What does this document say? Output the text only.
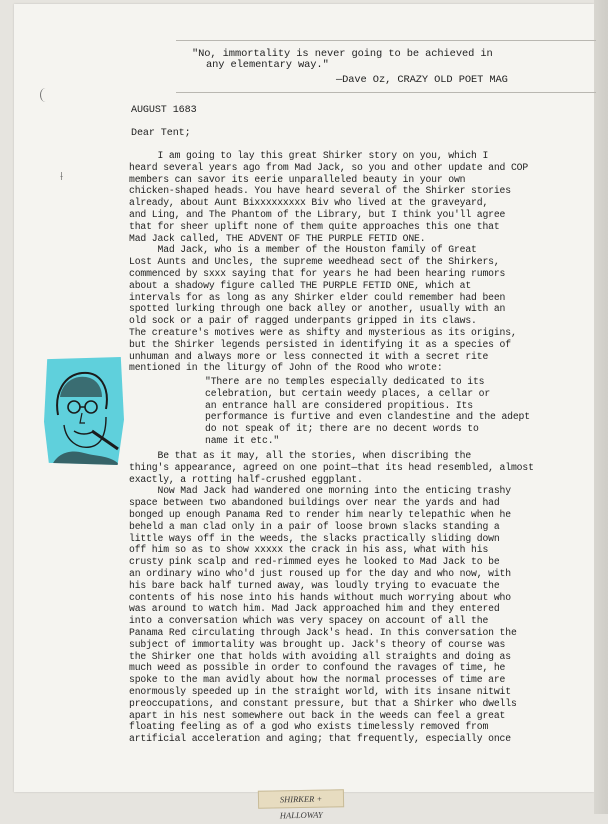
⟊
"No, immortality is never going to be achieved in
any elementary way."
—Dave Oz, CRAZY OLD POET MAG
AUGUST 1683
Dear Tent;
I am going to lay this great Shirker story on you, which I
heard several years ago from Mad Jack, so you and other update and COP
members can savor its eerie unparalleled beauty in your own
chicken-shaped heads. You have heard several of the Shirker stories
already, about Aunt Bixxxxxxxxx Biv who lived at the graveyard,
and Ling, and The Phantom of the Library, but I think you'll agree
that for sheer uplift none of them quite approaches this one that
Mad Jack called, THE ADVENT OF THE PURPLE FETID ONE.
Mad Jack, who is a member of the Houston family of Great
Lost Aunts and Uncles, the supreme weedhead sect of the Shirkers,
commenced by sxxx saying that for years he had been hearing rumors
about a shadowy figure called THE PURPLE FETID ONE, which at
intervals for as long as any Shirker elder could remember had been
spotted lurking through one back alley or another, usually with an
old sock or a pair of ragged underpants gripped in its claws.
The creature's motives were as shifty and mysterious as its origins,
but the Shirker legends persisted in identifying it as a species of
unhuman and always more or less connected it with a secret rite
mentioned in the liturgy of John of the Rood who wrote:
"There are no temples especially dedicated to its
celebration, but certain weedy places, a cellar or
an entrance hall are considered propitious. Its
performance is furtive and even clandestine and the adept
do not speak of it; there are no decent words to
name it etc."
Be that as it may, all the stories, when discribing the
thing's appearance, agreed on one point—that its head resembled, almost
exactly, a rotting half-crushed eggplant.
Now Mad Jack had wandered one morning into the enticing trashy
space between two abandoned buildings over near the yards and had
bonged up enough Panama Red to render him nearly telepathic when he
beheld a man clad only in a pair of loose brown slacks standing a
little ways off in the weeds, the slacks practically sliding down
off him so as to show xxxxx the crack in his ass, what with his
crusty pink scalp and red-rimmed eyes he looked to Mad Jack to be
an ordinary wino who'd just roused up for the day and who now, with
his bare back half turned away, was loudly trying to evacuate the
contents of his nose into his hands without much worrying about who
was around to watch him. Mad Jack approached him and they entered
into a conversation which was very spacey on account of all the
Panama Red circulating through Jack's head. In this conversation the
subject of immortality was brought up. Jack's theory of course was
the Shirker one that holds with avoiding all straights and doing as
much weed as possible in order to confound the ravages of time, he
spoke to the man avidly about how the normal processes of time are
enormously speeded up in the straight world, with its insane nitwit
preoccupations, and constant pressure, but that a Shirker who dwells
apart in his nest somewhere out back in the weeds can feel a great
floating feeling as of a god who exists timelessly removed from
artificial acceleration and aging; that frequently, especially once
SHIRKER + HALLOWAY
